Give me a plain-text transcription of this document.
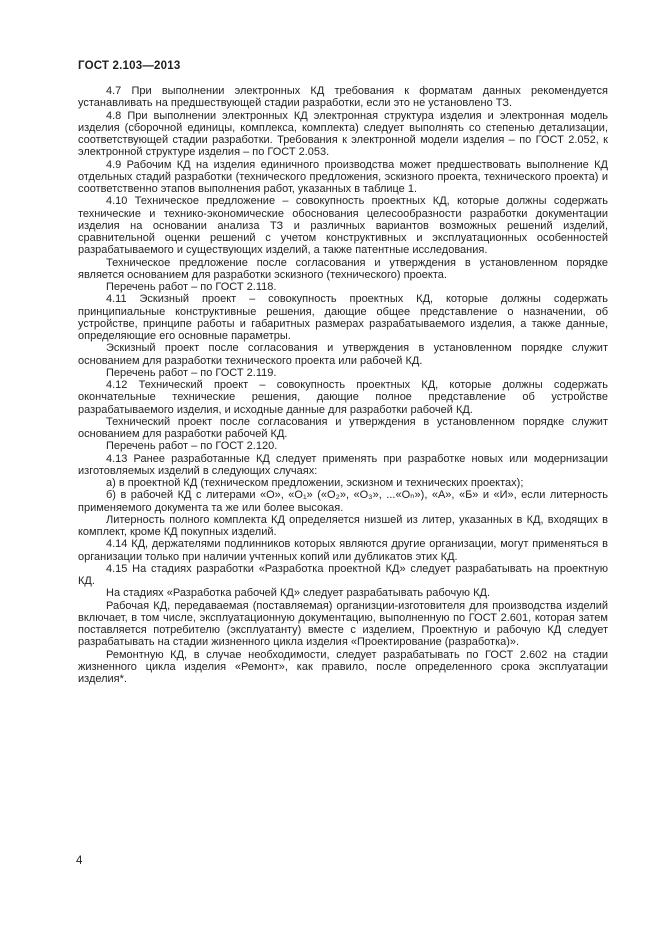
ГОСТ 2.103—2013

4.7 При выполнении электронных КД требования к форматам данных рекомендуется устанавливать на предшествующей стадии разработки, если это не установлено ТЗ.

4.8 При выполнении электронных КД электронная структура изделия и электронная модель изделия (сборочной единицы, комплекса, комплекта) следует выполнять со степенью детализации, соответствующей стадии разработки. Требования к электронной модели изделия – по ГОСТ 2.052, к электронной структуре изделия – по ГОСТ 2.053.

4.9 Рабочим КД на изделия единичного производства может предшествовать выполнение КД отдельных стадий разработки (технического предложения, эскизного проекта, технического проекта) и соответственно этапов выполнения работ, указанных в таблице 1.

4.10 Техническое предложение – совокупность проектных КД, которые должны содержать технические и технико-экономические обоснования целесообразности разработки документации изделия на основании анализа ТЗ и различных вариантов возможных решений изделий, сравнительной оценки решений с учетом конструктивных и эксплуатационных особенностей разрабатываемого и существующих изделий, а также патентные исследования.

Техническое предложение после согласования и утверждения в установленном порядке является основанием для разработки эскизного (технического) проекта.

Перечень работ – по ГОСТ 2.118.

4.11 Эскизный проект – совокупность проектных КД, которые должны содержать принципиальные конструктивные решения, дающие общее представление о назначении, об устройстве, принципе работы и габаритных размерах разрабатываемого изделия, а также данные, определяющие его основные параметры.

Эскизный проект после согласования и утверждения в установленном порядке служит основанием для разработки технического проекта или рабочей КД.

Перечень работ – по ГОСТ 2.119.

4.12 Технический проект – совокупность проектных КД, которые должны содержать окончательные технические решения, дающие полное представление об устройстве разрабатываемого изделия, и исходные данные для разработки рабочей КД.

Технический проект после согласования и утверждения в установленном порядке служит основанием для разработки рабочей КД.

Перечень работ – по ГОСТ 2.120.

4.13 Ранее разработанные КД следует применять при разработке новых или модернизации изготовляемых изделий в следующих случаях:

а) в проектной КД (техническом предложении, эскизном и технических проектах);

б) в рабочей КД с литерами «О», «О₁» («О₂», «О₃», ...«Оₙ»), «А», «Б» и «И», если литерность применяемого документа та же или более высокая.

Литерность полного комплекта КД определяется низшей из литер, указанных в КД, входящих в комплект, кроме КД покупных изделий.

4.14 КД, держателями подлинников которых являются другие организации, могут применяться в организации только при наличии учтенных копий или дубликатов этих КД.

4.15 На стадиях разработки «Разработка проектной КД» следует разрабатывать на проектную КД.

На стадиях «Разработка рабочей КД» следует разрабатывать рабочую КД.

Рабочая КД, передаваемая (поставляемая) организции-изготовителя для производства изделий включает, в том числе, эксплуатационную документацию, выполненную по ГОСТ 2.601, которая затем поставляется потребителю (эксплуатанту) вместе с изделием, Проектную и рабочую КД следует разрабатывать на стадии жизненного цикла изделия «Проектирование (разработка)».

Ремонтную КД, в случае необходимости, следует разрабатывать по ГОСТ 2.602 на стадии жизненного цикла изделия «Ремонт», как правило, после определенного срока эксплуатации изделия*.

4
